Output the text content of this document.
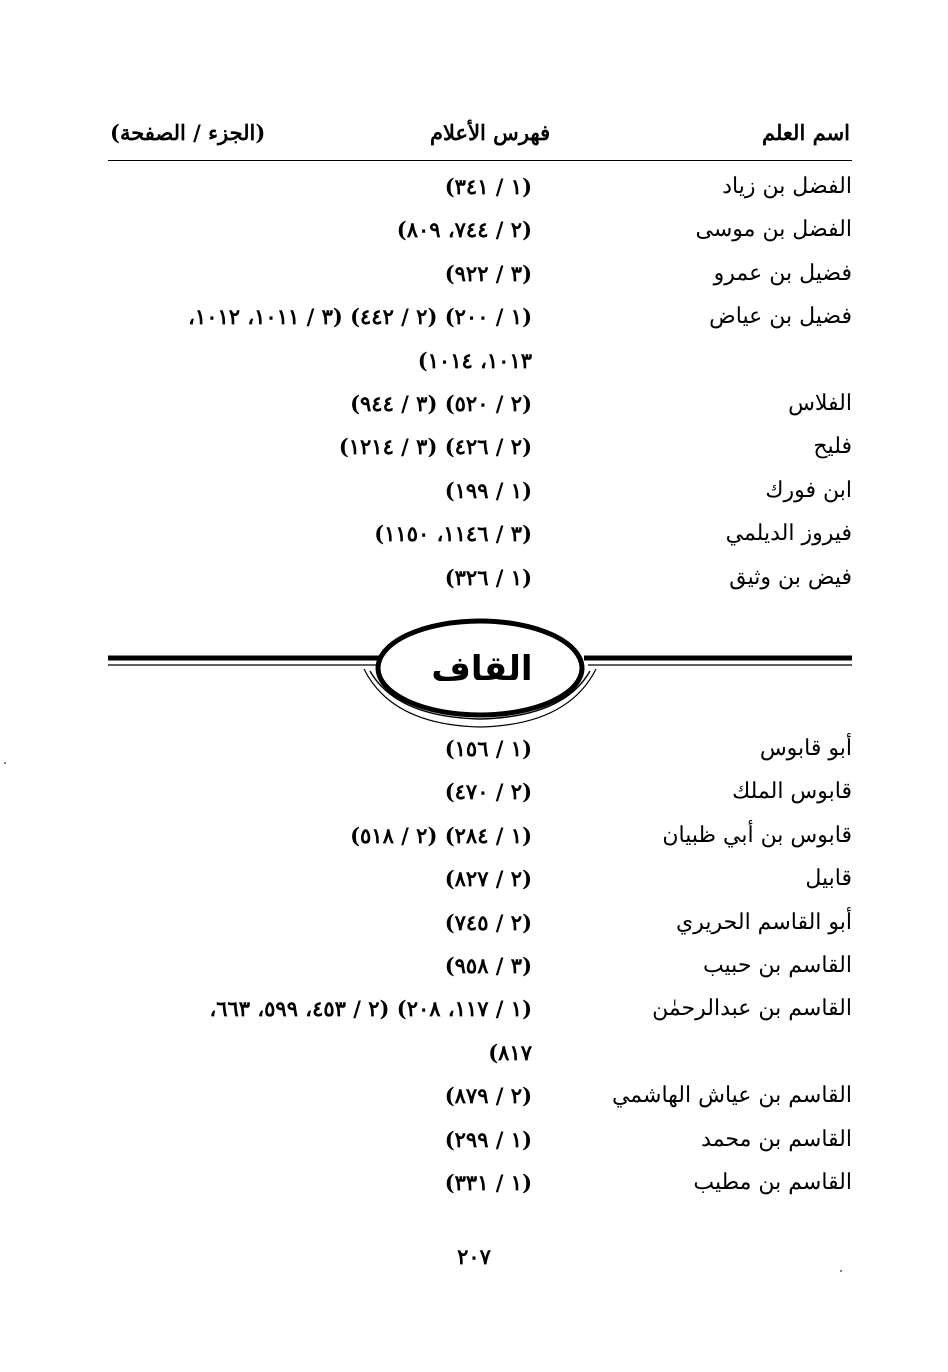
اسم العلم
فهرس الأعلام
(الجزء / الصفحة)
الفضل بن زياد
(١ / ٣٤١)
الفضل بن موسى
(٢ / ٧٤٤، ٨٠٩)
فضيل بن عمرو
(٣ / ٩٢٢)
فضيل بن عياض
(١ / ٢٠٠) (٢ / ٤٤٢) (٣ / ١٠١١، ١٠١٢،
١٠١٣، ١٠١٤)
الفلاس
(٢ / ٥٢٠) (٣ / ٩٤٤)
فليح
(٢ / ٤٢٦) (٣ / ١٢١٤)
ابن فورك
(١ / ١٩٩)
فيروز الديلمي
(٣ / ١١٤٦، ١١٥٠)
فيض بن وثيق
(١ / ٣٢٦)
القاف
أبو قابوس
(١ / ١٥٦)
قابوس الملك
(٢ / ٤٧٠)
قابوس بن أبي ظبيان
(١ / ٢٨٤) (٢ / ٥١٨)
قابيل
(٢ / ٨٢٧)
أبو القاسم الحريري
(٢ / ٧٤٥)
القاسم بن حبيب
(٣ / ٩٥٨)
القاسم بن عبدالرحمٰن
(١ / ١١٧، ٢٠٨) (٢ / ٤٥٣، ٥٩٩، ٦٦٣،
٨١٧)
القاسم بن عياش الهاشمي
(٢ / ٨٧٩)
القاسم بن محمد
(١ / ٢٩٩)
القاسم بن مطيب
(١ / ٣٣١)
٢٠٧
